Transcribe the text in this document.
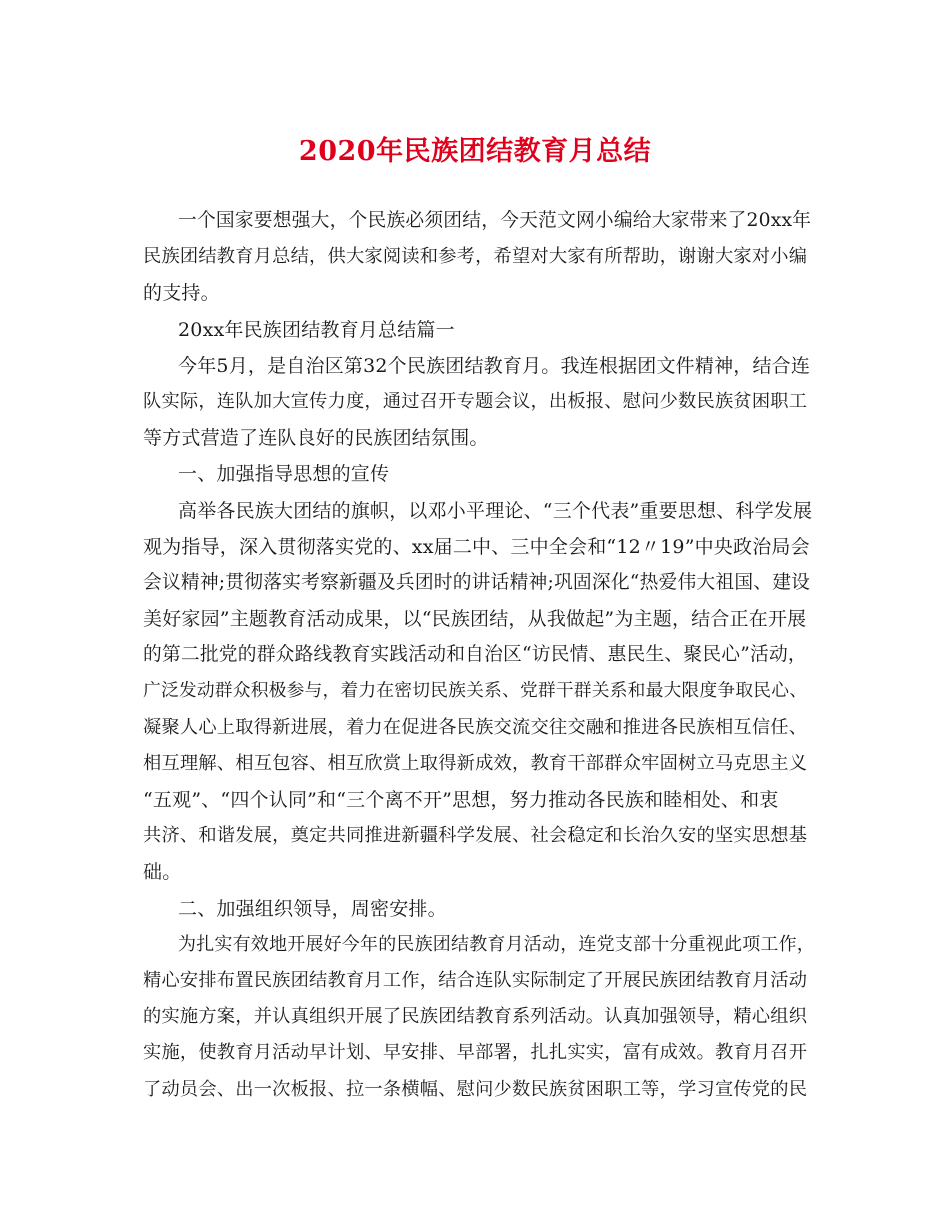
2020年民族团结教育月总结
一个国家要想强大，个民族必须团结，今天范文网小编给大家带来了20xx年
民族团结教育月总结，供大家阅读和参考，希望对大家有所帮助，谢谢大家对小编
的支持。
20xx年民族团结教育月总结篇一
今年5月，是自治区第32个民族团结教育月。我连根据团文件精神，结合连
队实际，连队加大宣传力度，通过召开专题会议，出板报、慰问少数民族贫困职工
等方式营造了连队良好的民族团结氛围。
一、加强指导思想的宣传
高举各民族大团结的旗帜，以邓小平理论、“三个代表”重要思想、科学发展
观为指导，深入贯彻落实党的、xx届二中、三中全会和“12〃19”中央政治局会
会议精神;贯彻落实考察新疆及兵团时的讲话精神;巩固深化“热爱伟大祖国、建设
美好家园”主题教育活动成果，以“民族团结，从我做起”为主题，结合正在开展
的第二批党的群众路线教育实践活动和自治区“访民情、惠民生、聚民心”活动，
广泛发动群众积极参与，着力在密切民族关系、党群干群关系和最大限度争取民心、
凝聚人心上取得新进展，着力在促进各民族交流交往交融和推进各民族相互信任、
相互理解、相互包容、相互欣赏上取得新成效，教育干部群众牢固树立马克思主义
“五观”、“四个认同”和“三个离不开”思想，努力推动各民族和睦相处、和衷
共济、和谐发展，奠定共同推进新疆科学发展、社会稳定和长治久安的坚实思想基
础。
二、加强组织领导，周密安排。
为扎实有效地开展好今年的民族团结教育月活动，连党支部十分重视此项工作，
精心安排布置民族团结教育月工作，结合连队实际制定了开展民族团结教育月活动
的实施方案，并认真组织开展了民族团结教育系列活动。认真加强领导，精心组织
实施，使教育月活动早计划、早安排、早部署，扎扎实实，富有成效。教育月召开
了动员会、出一次板报、拉一条横幅、慰问少数民族贫困职工等，学习宣传党的民
